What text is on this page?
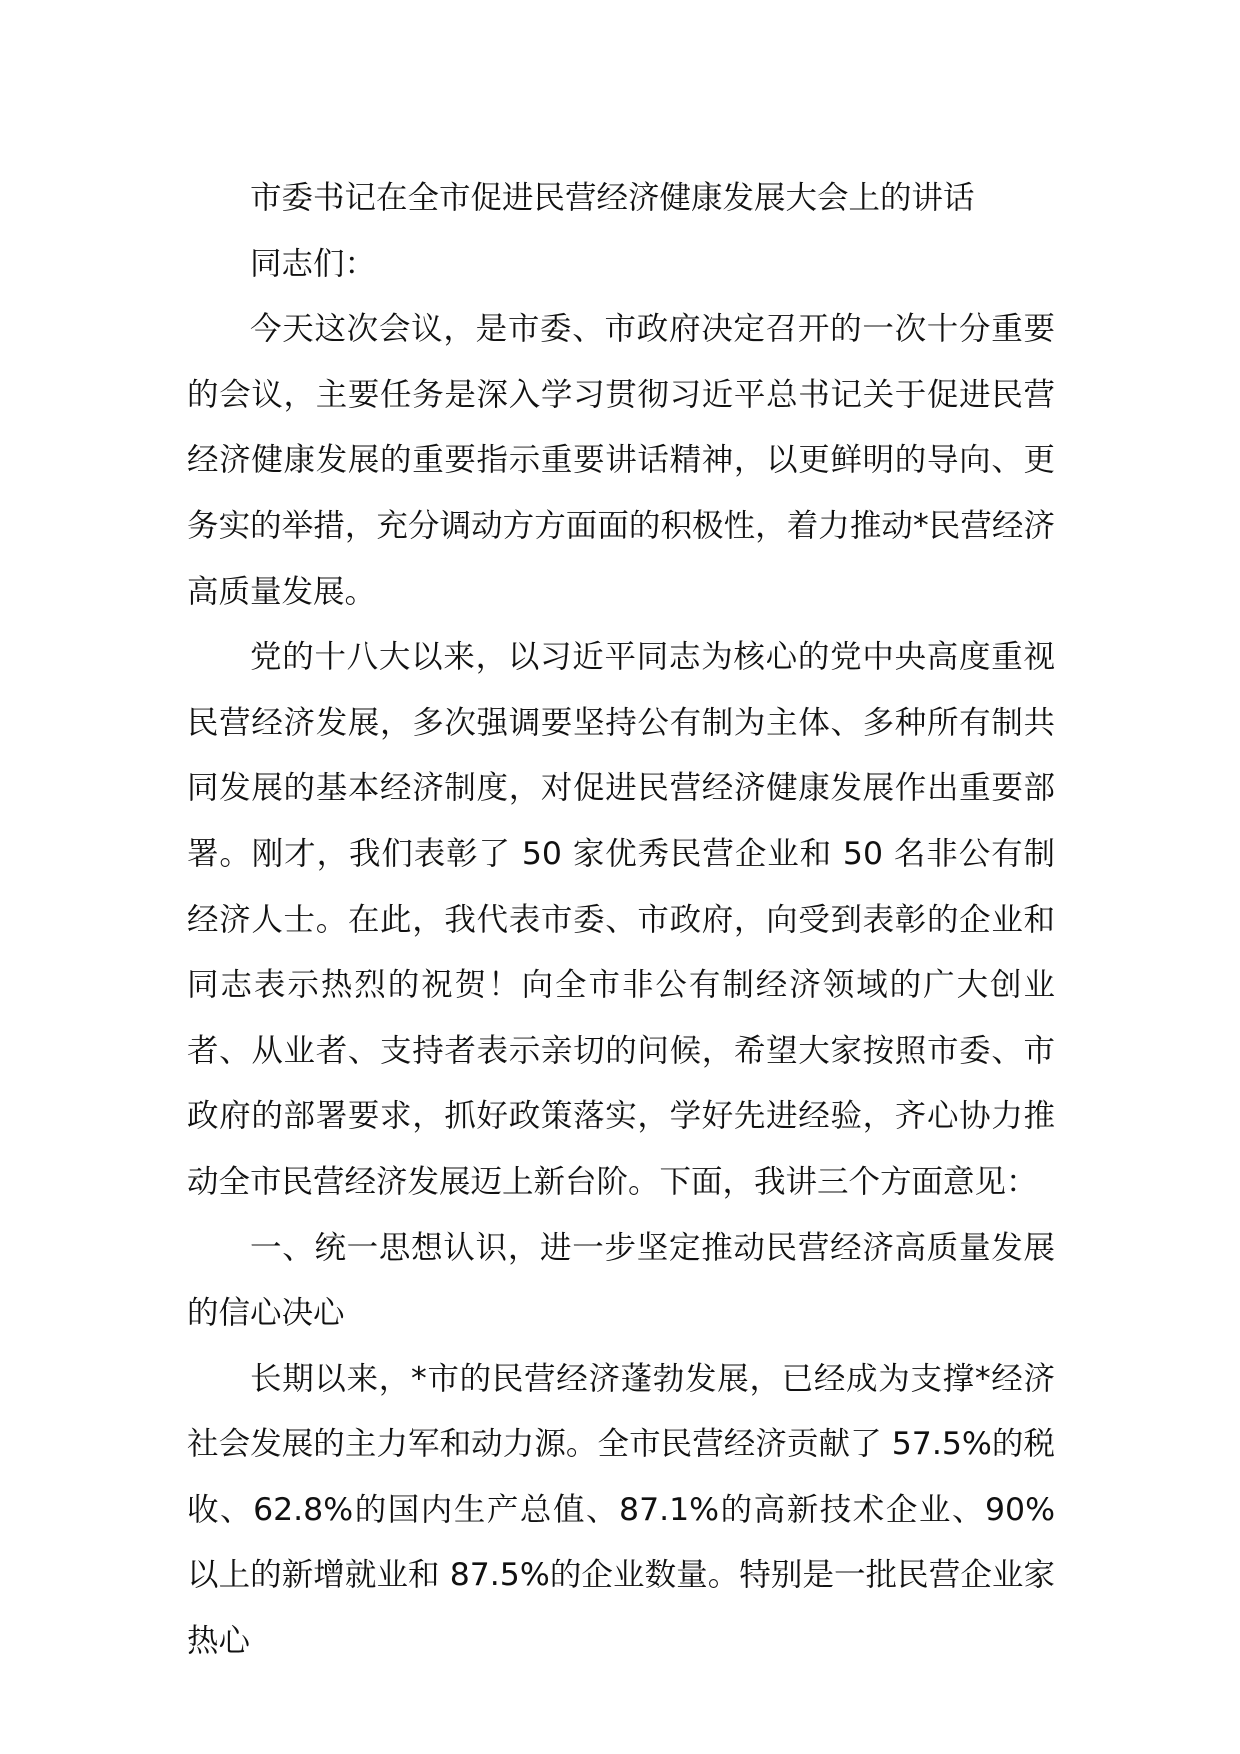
市委书记在全市促进民营经济健康发展大会上的讲话

同志们：

今天这次会议，是市委、市政府决定召开的一次十分重要的会议，主要任务是深入学习贯彻习近平总书记关于促进民营经济健康发展的重要指示重要讲话精神，以更鲜明的导向、更务实的举措，充分调动方方面面的积极性，着力推动*民营经济高质量发展。

党的十八大以来，以习近平同志为核心的党中央高度重视民营经济发展，多次强调要坚持公有制为主体、多种所有制共同发展的基本经济制度，对促进民营经济健康发展作出重要部署。刚才，我们表彰了 50 家优秀民营企业和 50 名非公有制经济人士。在此，我代表市委、市政府，向受到表彰的企业和同志表示热烈的祝贺！向全市非公有制经济领域的广大创业者、从业者、支持者表示亲切的问候，希望大家按照市委、市政府的部署要求，抓好政策落实，学好先进经验，齐心协力推动全市民营经济发展迈上新台阶。下面，我讲三个方面意见：

一、统一思想认识，进一步坚定推动民营经济高质量发展的信心决心

长期以来，*市的民营经济蓬勃发展，已经成为支撑*经济社会发展的主力军和动力源。全市民营经济贡献了 57.5%的税收、62.8%的国内生产总值、87.1%的高新技术企业、90%以上的新增就业和 87.5%的企业数量。特别是一批民营企业家热心
